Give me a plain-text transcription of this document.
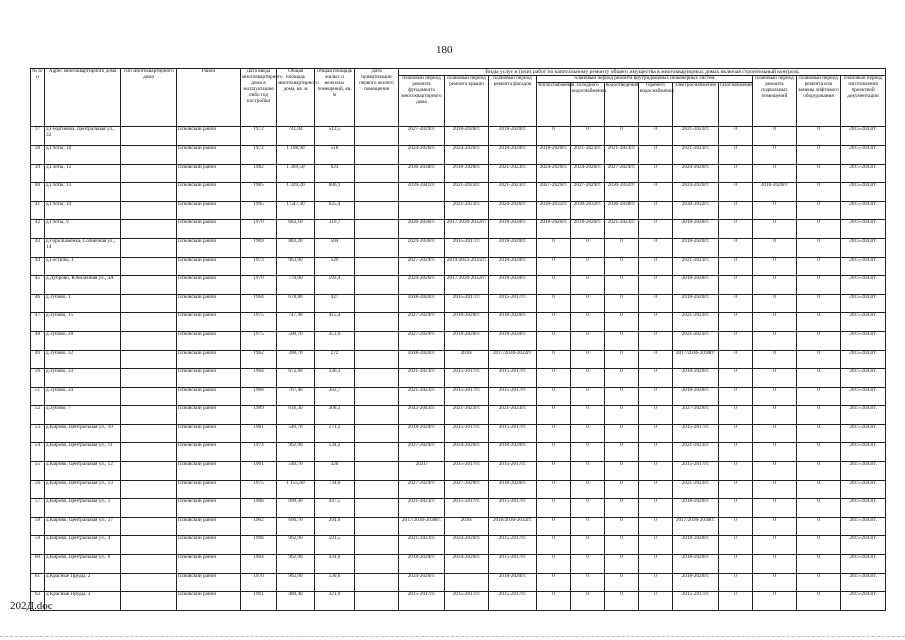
180
№ п/п	Адрес многоквартирного дома	Тип многоквартирного дома	Район	Дата ввода многоквартирного дома в эксплуатацию либо год постройки	Общая площадь многоквартирного дома, кв. м	Общая площадь жилых и нежилых помещений, кв. м	Дата приватизации первого жилого помещения	Виды услуг и (или) работ по капитальному ремонту общего имущества в многоквартирных домах включая строительный контроль											
								плановый период ремонта фундамента многоквартирного дома	плановый период ремонта крыши	плановый период ремонта фасадов	плановый период ремонта внутридомовых инженерных систем						плановый период ремонта подвальных помещений	плановый период ремонта или замены лифтового оборудования	плановый период изготовления проектной документации
											теплоснабжения	холодного водоснабжения	водоотведения	горячего водоснабжения	электроснабжения	газоснабжения			
37	д.Георгиевка, Центральная ул., 32		Псковский район	1972	741,04	512,5		2027-2029гг.	2018-2020гг.	2018-2020гг.	0	0	0	0	2021-2023гг.	0	0	0	2015-2043гг.
38	д.Глоты, 10		Псковский район	1972	1 108,90	518		2024-2026гг.	2024-2026гг.	2018-2020гг.	2018-2020гг.	2021-2023гг.	2021-2023гг.	0	2021-2023гг.	0	0	0	2015-2043гг.
39	д.Глоты, 12		Псковский район	1982	1 369,50	623		2036-2038гг.	2018-2020гг.	2021-2023гг.	2024-2026гг.	2024-2026гг.	2027-2029гг.	0	2024-2026гг.	0	0	0	2015-2043гг.
40	д.Глоты, 13		Псковский район	1985	1 339,20	606,1		2039-2041гг.	2021-2023гг.	2021-2023гг.	2027-2029гг.	2027-2029гг.	2030-2032гг.	0	2024-2026гг.	0	2018-2020гг.	0	2015-2043гг.
41	д.Глоты, 14		Псковский район	1995	1 547,30	625,4			2021-2023гг.	2024-2026гг.	2030-2032гг.	2030-2032гг.	2036-2038гг.	0	2030-2032гг.	0	0	0	2015-2043гг.
42	д.Глоты, 9		Псковский район	1970	683,10	310,7		2026-2036гг.	2017/2030-2032гг.	2018-2020гг.	2018-2020гг.	2018-2026гг.	2021-2023гг.	0	2018-2020гг.	0	0	0	2015-2043гг.
43	д.Гора Каменка, Солнечная ул., 14		Псковский район	1969	883,20	504		2024-2036гг.	2015-2017гг.	2018-2020гг.	0	0	0	0	2018-2020гг.	0	0	0	2015-2043гг.
44	д.Гостилы, 1		Псковский район	1973	963,00	529		2027-2029гг.	2019/2033-2035гг.	2018-2020гг.	0	0	0	0	2021-2023гг.	0	0	0	2015-2043гг.
45	д.Дуброво, Юбилейная ул., 4А		Псковский район	1970	778,00	593,4		2024-2026гг.	2017/2030-2032гг.	2018-2020гг.	0	0	0	0	2018-2020гг.	0	0	0	2015-2043гг.
46	д.Зубово, 1		Псковский район	1964	678,80	427		2018-2020гг.	2015-2017гг.	2015-2017гг.	0	0	0	0	2018-2020гг.	0	0	0	2015-2043гг.
47	д.Зубово, 15		Псковский район	1975	747,40	415,4		2027-2029гг.	2018-2020гг.	2018-2020гг.	0	0	0	0	2021-2023гг.	0	0	0	2015-2043гг.
48	д.Зубово, 28		Псковский район	1975	500,70	251,9		2027-2029гг.	2018-2020гг.	2018-2020гг.	0	0	0	0	2021-2023гг.	0	0	0	2015-2043гг.
49	д.Зубово, 32		Псковский район	1962	390,70	272		2018-2020гг.	2016/	2017/2030-2032гг.	0	0	0	0	2017/2036-2038гг.	0	0	0	2015-2043гг.
50	д.Зубово, 33		Псковский район	1964	672,60	336,3		2021-2023гг.	2015-2017гг.	2015-2017гг.	0	0	0	0	2018-2020гг.	0	0	0	2015-2043гг.
51	д.Зубово, 34		Псковский район	1968	767,40	383,7		2021-2023гг.	2015-2017гг.	2015-2017гг.	0	0	0	0	2018-2020гг.	0	0	0	2015-2043гг.
52	д.Зубово, 7		Псковский район	1989	616,30	308,2		2042-2043гг.	2021-2023гг.	2021-2023гг.	0	0	0	0	2027-2029гг.	0	0	0	2015-2043гг.
53	д.Кирово, Центральная ул., 10		Псковский район	1961	540,70	271,2		2018-2020гг.	2015-2017гг.	2015-2017гг.	0	0	0	0	2015-2017гг.	0	0	0	2015-2043гг.
54	д.Кирово, Центральная ул., 11		Псковский район	1974	962,90	534,2		2027-2029гг.	2024-2026гг.	2018-2020гг.	0	0	0	0	2021-2023гг.	0	0	0	2015-2043гг.
55	д.Кирово, Центральная ул., 12		Псковский район	1961	540,70	320		2021/	2015-2017гг.	2015-2017гг.	0	0	0	0	2015-2017гг.	0	0	0	2015-2043гг.
56	д.Кирово, Центральная ул., 13		Псковский район	1975	1 155,60	734,6		2027-2029гг.	2027-2029гг.	2018-2020гг.	0	0	0	0	2021-2023гг.	0	0	0	2015-2043гг.
57	д.Кирово, Центральная ул., 2		Псковский район	1966	899,30	447,5		2021-2023гг.	2015-2017гг.	2015-2017гг.	0	0	0	0	2018-2020гг.	0	0	0	2015-2043гг.
58	д.Кирово, Центральная ул., 27		Псковский район	1962	666,70	294,9		2017/2036-2038гг.	2016/	2016/2030-2032гг.	0	0	0	0	2017/2036-2038гг.	0	0	0	2015-2043гг.
59	д.Кирово, Центральная ул., 4		Псковский район	1966	962,90	591,5		2021-2023гг.	2024-2026гг.	2015-2017гг.	0	0	0	0	2018-2020гг.	0	0	0	2015-2043гг.
60	д.Кирово, Центральная ул., 6		Псковский район	1964	962,90	434,6		2018-2020гг.	2024-2026гг.	2015-2017гг.	0	0	0	0	2018-2020гг.	0	0	0	2015-2043гг.
61	д.Красные Пруды, 2		Псковский район	1970	962,90	530,6		2024-2026гг.		2018-2020гг.	0	0	0	0	2018-2020гг.	0	0	0	2015-2043гг.
62	д.Красные Пруды, 3		Псковский район	1961	480,40	321,6		2015-2017гг.	2015-2017гг.	2015-2017гг.	0	0	0	0	2015-2017гг.	0	0	0	2015-2043гг.
202Д.doc
